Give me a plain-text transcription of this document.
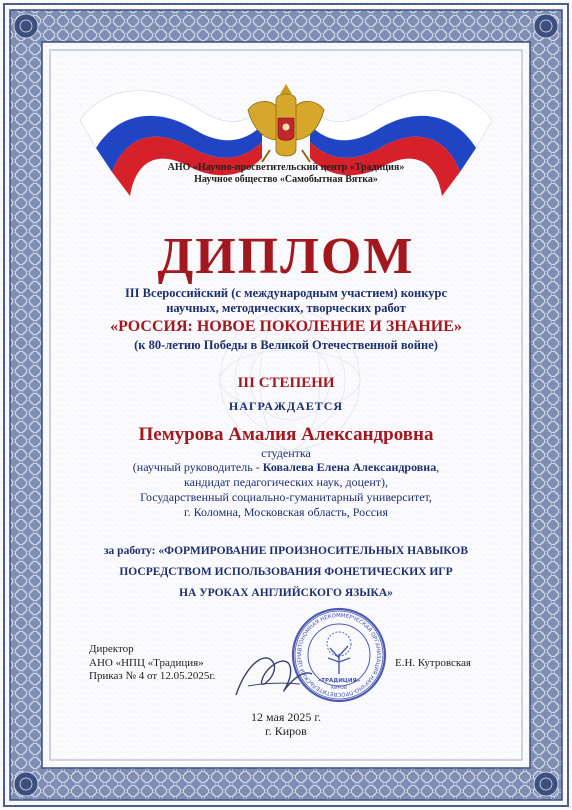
АНО «Научно-просветительский центр «Традиция»
Научное общество «Самобытная Вятка»
ДИПЛОМ
III Всероссийский (с международным участием) конкурс
научных, методических, творческих работ
«РОССИЯ: НОВОЕ ПОКОЛЕНИЕ И ЗНАНИЕ»
(к 80-летию Победы в Великой Отечественной войне)
III СТЕПЕНИ
НАГРАЖДАЕТСЯ
Пемурова Амалия Александровна
студентка
(научный руководитель - Ковалева Елена Александровна,
кандидат педагогических наук, доцент),
Государственный социально-гуманитарный университет,
г. Коломна, Московская область, Россия
за работу: «ФОРМИРОВАНИЕ ПРОИЗНОСИТЕЛЬНЫХ НАВЫКОВ
ПОСРЕДСТВОМ ИСПОЛЬЗОВАНИЯ ФОНЕТИЧЕСКИХ ИГР
НА УРОКАХ АНГЛИЙСКОГО ЯЗЫКА»
Директор
АНО «НПЦ «Традиция»
Приказ № 4 от 12.05.2025г.
АВТОНОМНАЯ НЕКОММЕРЧЕСКАЯ ОРГАНИЗАЦИЯ НАУЧНО-ПРОСВЕТИТЕЛЬСКИЙ ЦЕН
«ТРАДИЦИЯ»
КИРОВ
Е.Н. Кутровская
12 мая 2025 г.
г. Киров
